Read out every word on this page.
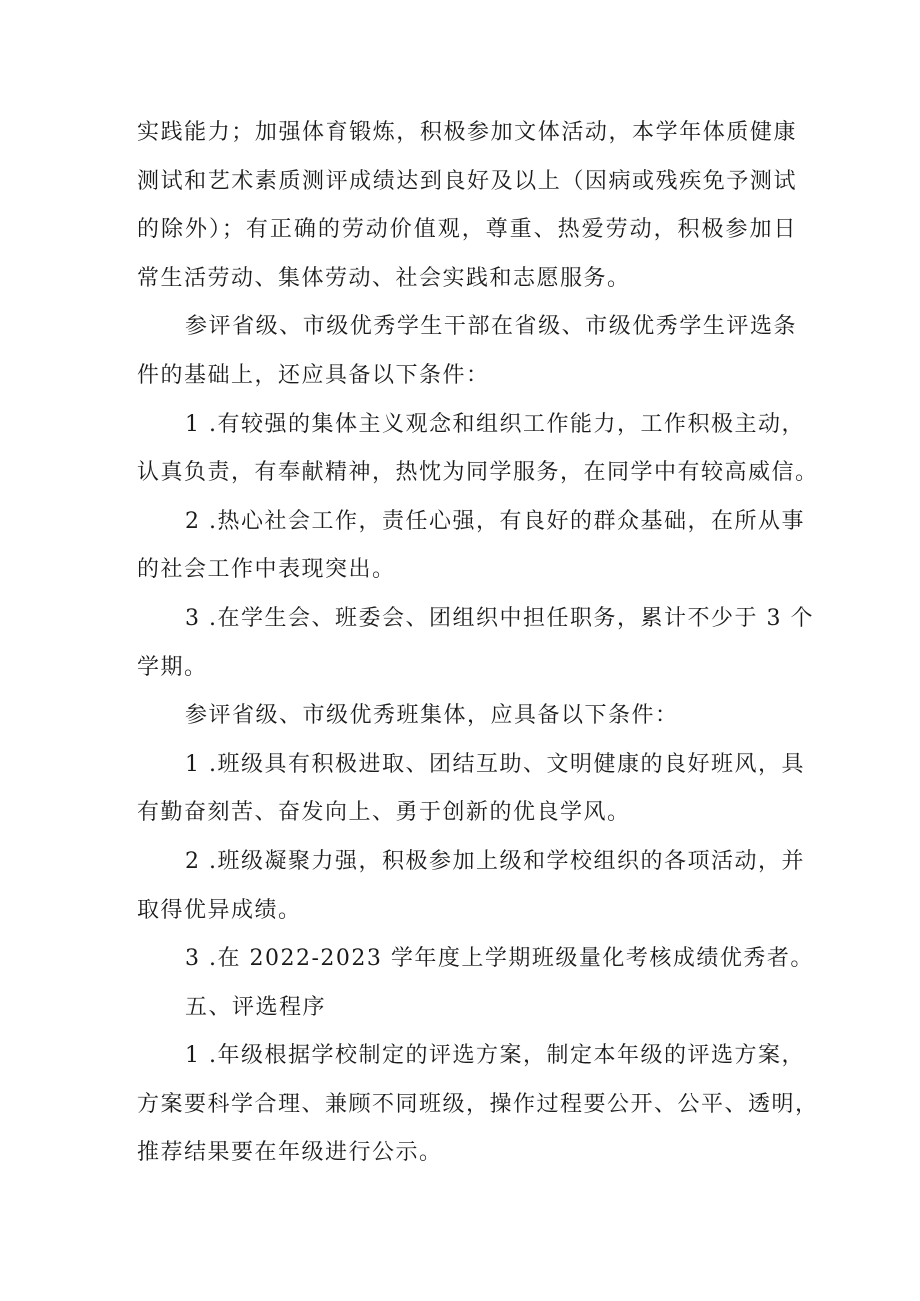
实践能力；加强体育锻炼，积极参加文体活动，本学年体质健康
测试和艺术素质测评成绩达到良好及以上（因病或残疾免予测试
的除外）；有正确的劳动价值观，尊重、热爱劳动，积极参加日
常生活劳动、集体劳动、社会实践和志愿服务。
参评省级、市级优秀学生干部在省级、市级优秀学生评选条
件的基础上，还应具备以下条件：
1 .有较强的集体主义观念和组织工作能力，工作积极主动，
认真负责，有奉献精神，热忱为同学服务，在同学中有较高威信。
2 .热心社会工作，责任心强，有良好的群众基础，在所从事
的社会工作中表现突出。
3 .在学生会、班委会、团组织中担任职务，累计不少于 3 个
学期。
参评省级、市级优秀班集体，应具备以下条件：
1 .班级具有积极进取、团结互助、文明健康的良好班风，具
有勤奋刻苦、奋发向上、勇于创新的优良学风。
2 .班级凝聚力强，积极参加上级和学校组织的各项活动，并
取得优异成绩。
3 .在 2022-2023 学年度上学期班级量化考核成绩优秀者。
五、评选程序
1 .年级根据学校制定的评选方案，制定本年级的评选方案，
方案要科学合理、兼顾不同班级，操作过程要公开、公平、透明，
推荐结果要在年级进行公示。
